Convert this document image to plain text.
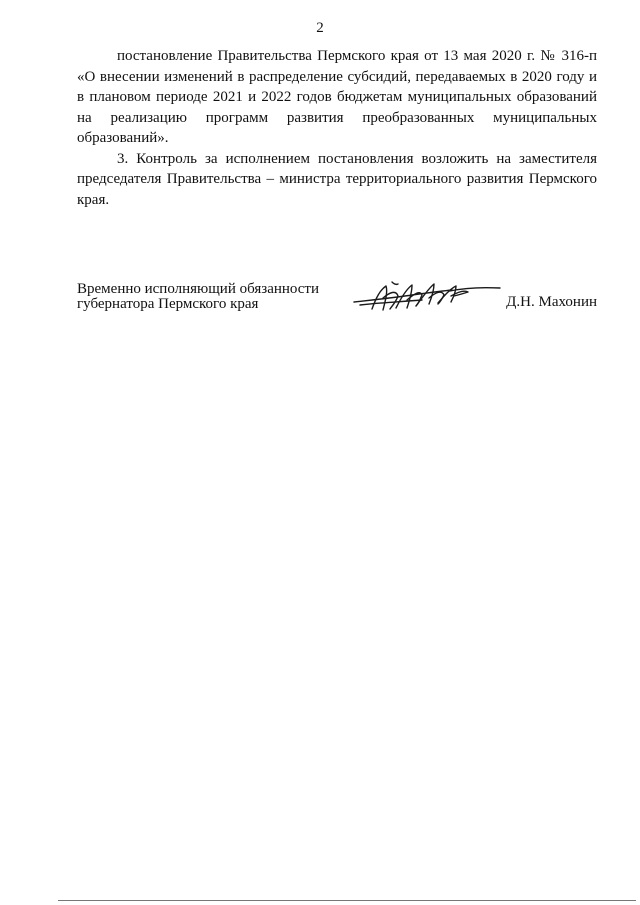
2

постановление Правительства Пермского края от 13 мая 2020 г. № 316-п «О внесении изменений в распределение субсидий, передаваемых в 2020 году и в плановом периоде 2021 и 2022 годов бюджетам муниципальных образований на реализацию программ развития преобразованных муниципальных образований».

3. Контроль за исполнением постановления возложить на заместителя председателя Правительства – министра территориального развития Пермского края.

Временно исполняющий обязанности
губернатора Пермского края	Д.Н. Махонин
